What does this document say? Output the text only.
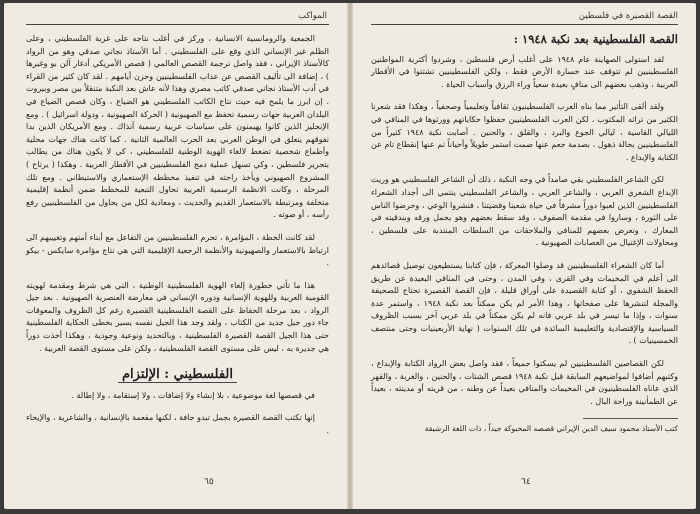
المواكب

الجمعية والرومانسية الانسانية ، وركز في أغلب نتاجه على غربة الفلسطيني ، وعلى الظلم غير الإنساني الذي وقع على الفلسطيني . أما الأستاذ نجاتي صدقي وهو من الرواد كالأستاذ الإيراني ، فقد واصل ترجمة القصص العالمي ( قصص الأمريكي أدغار آلن بو وغيرها ) ، إضافة الى تأليف القصص عن عذاب الفلسطينيين وحزن أيامهم . لقد كان كثير من القراء في أدب الأستاذ نجاتي صدقي كاتب مصري وهذا لأنه عاش بعد النكبة متنقلاً بين مصر وبيروت . إن ابرز ما يلمح فيه حيث نتاج الكاتب الفلسطيني هو الضياع ، وكان قصص الضياع في البلدان العربية جهات رسمية تحفظ مع الصهيونية ( الحركة الصهيونية ، ودولة اسرائيل ) . ومع الإنجليز الذين كانوا يهيمنون على سياسات عربية رسمية آنذاك . ومع الأمريكان الذين بدا تفوقهم يتعلق في الوطن العربي بعد الحرب العالمية الثانية . كما كانت هناك جهات محلية وأطماع شخصية تضغط لالغاء الهوية الوطنية للفلسطيني ، كي لا يكون هناك من يطالب بتحرير فلسطين ، وكي تسهل عملية دمج الفلسطينيين في الأقطار العربية . وهكذا ( يرتاح ) المشروع الصهيوني ويأخذ راحته في تنفيذ مخططه الإستعماري والاستيطاني . ومع تلك المرحلة ، وكانت الانظمة الرسمية العربية تحاول التبعية للمخطط ضمن أنظمة إقليمية متخلفة ومرتبطة بالاستعمار القديم والحديث ، ومعادية لكل من يحاول من الفلسطينيين رفع رأسه ، أو صوته .

لقد كانت الخطة ، المؤامرة ، تحرم الفلسطينيين من التفاعل مع أبناء أمتهم وتغييبهم الى ارتباط بالاستعمار والصهيونية والأنظمة الرجعية الإقليمية التي هي نتاج مؤامرة سايكس - بيكو .

هذا ما تأتي خطورة إلغاء الهوية الفلسطينية الوطنية ، التي هي شرط ومقدمة لهويته القومية العربية وللهوية الإنسانية ودوره الإنساني في معارضة العنصرية الصهيونية . بعد جيل الرواد ، بعد مرحلة الحفاظ على القصة الفلسطينية القصيرة رغم كل الظروف والمعوقات جاء دور جيل جديد من الكتاب ، ولقد وجد هذا الجيل نفسه يسير بخطى الحكاية الفلسطينية حتى هذا الجيل القصة القصيرة الفلسطينية ، وبالتحديد ونوعية وجودية ، وهكذا أخذت دوراً هي جديرة به ، ليس على مستوى القصة الفلسطينية ، ولكن على مستوى القصة العربية .

الفلسطيني : الإلتزام

في قصصها لغة موضوعية ، بلا إنشاء ولا إضافات ، ولا إستقامة ، ولا إطالة .

إنها تكتب القصة القصيرة بجمل تبدو جافة ، لكنها مفعمة بالإنسانية ، والشاعرية ، والإيحاء .

٦٥
القصة القصيرة في فلسطين
القصة الفلسطينية بعد نكبة ١٩٤٨ :

لقد استولى الصهاينة عام ١٩٤٨ على أغلب أرض فلسطين ، وشردوا أكثرية المواطنين الفلسطينيين لم تتوقف عند خسارة الأرض فقط ، ولكن الفلسطينيين تشتتوا في الأقطار العربية ، وذهب بعضهم الى منافٍ بعيدة سعياً وراء الرزق وأسباب الحياة .

ولقد ألقى التأثير مما بناه العرب الفلسطينيون ثقافياً وتعليمياً وصحفياً ، وهكذا فقد شعرنا الكثير من تراثه المكتوب ، لكن العرب الفلسطينيين حفظوا حكاياتهم وورثوها في المنافي في الليالي القاسية ، ليالي الجوع والبرد ، والقلق ، والحنين . أصابت نكبة ١٩٤٨ كثيراً من الفلسطينيين بحالة ذهول ، بصدمة جعم عنها صمت استمر طويلاً وأحياناً تم عنها إنقطاع تام عن الكتابة والإبداع .

لكن الشاعر الفلسطيني بقي صامداً في وجه النكبة ، ذلك أن الشاعر الفلسطيني هو وريث الإبداع الشعري العربي ، والشاعر العربي ، والشاعر الفلسطيني ينتمي الى أجداد الشعراء الفلسطينيين الذين لعبوا دوراً مشرفاً في حياة شعبنا وقضيتنا ، فنشروا الوعي ، وحرضوا الناس على الثورة ، وساروا في مقدمة الصفوف ، وقد سقط بعضهم وهو يحمل ورقه وبندقيته في المعارك ، وتعرض بعضهم للمنافي والملاحقات من السلطات المنتدبة على فلسطين ، ومحاولات الإغتيال من العصابات الصهيونية .

أما كان الشعراء الفلسطينيين قد وصلوا المعركة ، فإن كتابنا يستطيعون توصيل قصائدهم الى أعلم في المخيمات وفي القرى ، وفي المدن ، وحتى في المنافي البعيدة عن طريق الحفظ الشفوي ، أو كتابة القصيدة على أوراق قليلة ، فإن القصة القصيرة تحتاج للصحيفة والمجلة لتنشرها على صفحاتها ، وهذا الأمر لم يكن ممكناً بعد نكبة ١٩٤٨ ، واستمر عدة سنوات ، وإذا ما تيسر في بلد عربي فانه لم يكن ممكناً في بلد عربي آخر بسبب الظروف السياسية والإقتصادية والتعليمية السائدة في تلك السنوات ( نهاية الأربعينيات وحتى منتصف الخمسينيات ) .

لكن القصاصين الفلسطينيين لم يسكتوا جميعاً ، فقد واصل بعض الرواد الكتابة والإبداع ، وكتبهم أضافوا لمواضيعهم السابقة قبل نكبة ١٩٤٨ قصص الشتات ، والحنين ، والغربة ، والقهر الذي عاناه الفلسطينيون في المخيمات والمنافي بعيداً عن وطنه ، من قريته أو مدينته ، بعيداً عن الطمأنينة وراحة البال .

كتب الأستاذ محمود سيف الدين الإيراني قصصه المحبوكة جيداً ، ذات اللغة الرشيقة

٦٤
